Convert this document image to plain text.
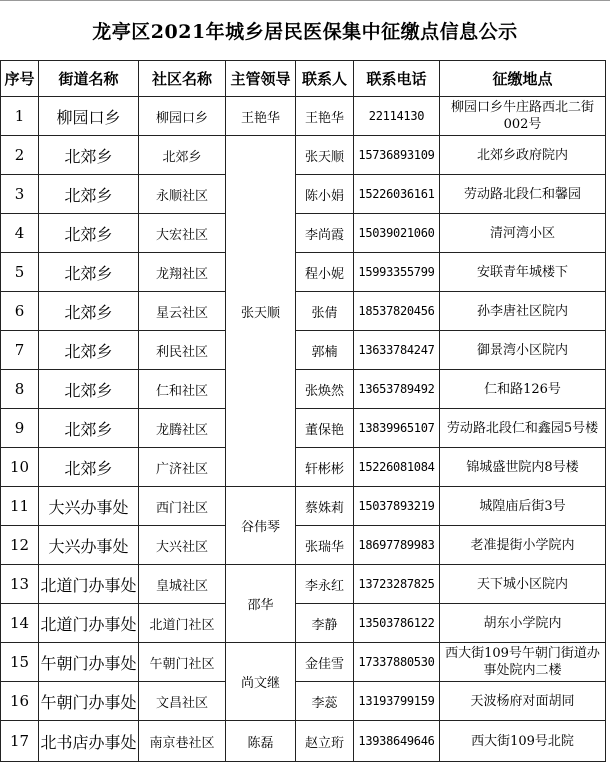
龙亭区2021年城乡居民医保集中征缴点信息公示
序号	街道名称	社区名称	主管领导	联系人	联系电话	征缴地点
1	柳园口乡	柳园口乡	王艳华	王艳华	22114130	柳园口乡牛庄路西北二街002号
2	北郊乡	北郊乡	张天顺	张天顺	15736893109	北郊乡政府院内
3	北郊乡	永顺社区		陈小娟	15226036161	劳动路北段仁和馨园
4	北郊乡	大宏社区		李尚霞	15039021060	清河湾小区
5	北郊乡	龙翔社区		程小妮	15993355799	安联青年城楼下
6	北郊乡	星云社区		张倩	18537820456	孙李唐社区院内
7	北郊乡	利民社区		郭楠	13633784247	御景湾小区院内
8	北郊乡	仁和社区		张焕然	13653789492	仁和路126号
9	北郊乡	龙腾社区		董保艳	13839965107	劳动路北段仁和鑫园5号楼
10	北郊乡	广济社区		轩彬彬	15226081084	锦城盛世院内8号楼
11	大兴办事处	西门社区	谷伟琴	蔡姝莉	15037893219	城隍庙后街3号
12	大兴办事处	大兴社区		张瑞华	18697789983	老准提街小学院内
13	北道门办事处	皇城社区	邵华	李永红	13723287825	天下城小区院内
14	北道门办事处	北道门社区		李静	13503786122	胡东小学院内
15	午朝门办事处	午朝门社区	尚文继	金佳雪	17337880530	西大街109号午朝门街道办事处院内二楼
16	午朝门办事处	文昌社区		李蕊	13193799159	天波杨府对面胡同
17	北书店办事处	南京巷社区	陈磊	赵立珩	13938649646	西大街109号北院
